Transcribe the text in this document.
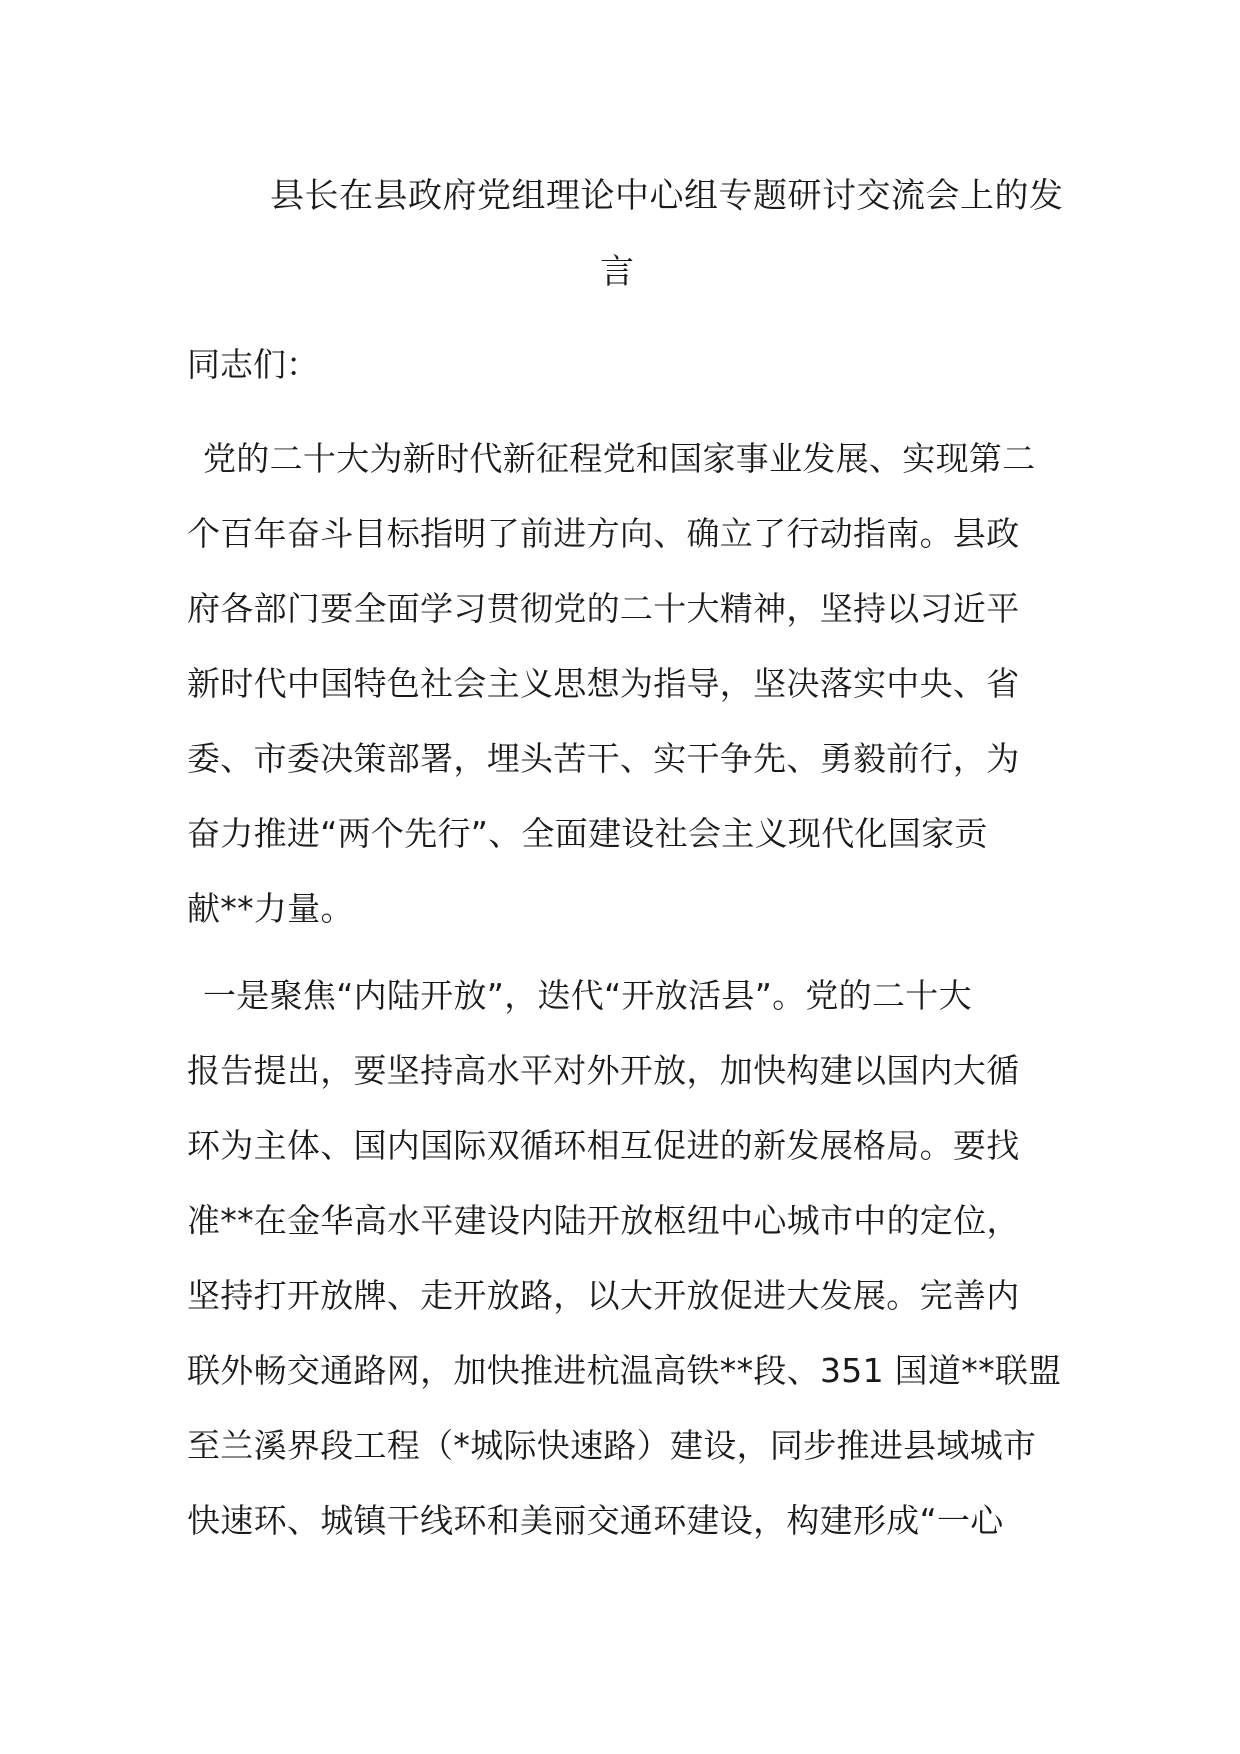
县长在县政府党组理论中心组专题研讨交流会上的发
言
同志们：
党的二十大为新时代新征程党和国家事业发展、实现第二
个百年奋斗目标指明了前进方向、确立了行动指南。县政
府各部门要全面学习贯彻党的二十大精神，坚持以习近平
新时代中国特色社会主义思想为指导，坚决落实中央、省
委、市委决策部署，埋头苦干、实干争先、勇毅前行，为
奋力推进“两个先行”、全面建设社会主义现代化国家贡
献**力量。
一是聚焦“内陆开放”，迭代“开放活县”。党的二十大
报告提出，要坚持高水平对外开放，加快构建以国内大循
环为主体、国内国际双循环相互促进的新发展格局。要找
准**在金华高水平建设内陆开放枢纽中心城市中的定位，
坚持打开放牌、走开放路，以大开放促进大发展。完善内
联外畅交通路网，加快推进杭温高铁**段、351 国道**联盟
至兰溪界段工程（*城际快速路）建设，同步推进县域城市
快速环、城镇干线环和美丽交通环建设，构建形成“一心
